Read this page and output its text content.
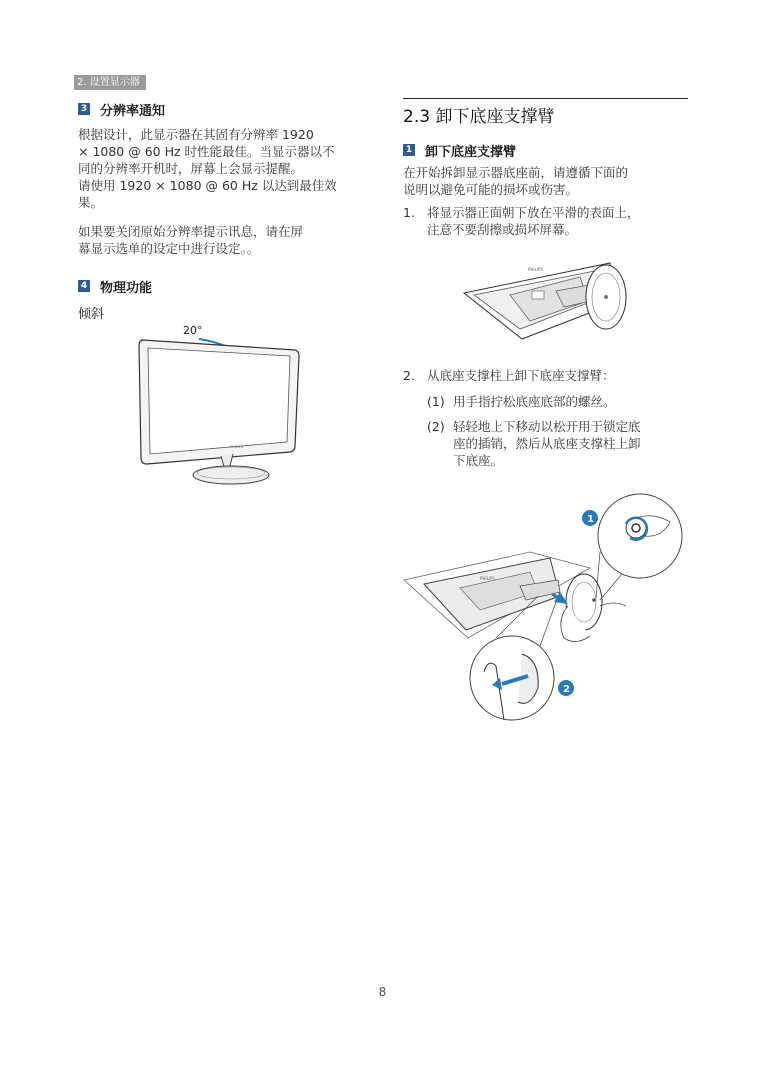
2. 设置显示器
3 分辨率通知

根据设计，此显示器在其固有分辨率 1920
× 1080 @ 60 Hz 时性能最佳。当显示器以不
同的分辨率开机时，屏幕上会显示提醒。
请使用 1920 × 1080 @ 60 Hz 以达到最佳效
果。

如果要关闭原始分辨率提示讯息，请在屏
幕显示选单的设定中进行设定。。

4 物理功能
倾斜
20°
PHILIPS
2.3 卸下底座支撑臂
1 卸下底座支撑臂

在开始拆卸显示器底座前，请遵循下面的
说明以避免可能的损坏或伤害。

1. 将显示器正面朝下放在平滑的表面上，
注意不要刮擦或损坏屏幕。
PHILIPS
2. 从底座支撑柱上卸下底座支撑臂：
(1) 用手指拧松底座底部的螺丝。
(2) 轻轻地上下移动以松开用于锁定底
座的插销，然后从底座支撑柱上卸
下底座。
PHILIPS
1
2
8
